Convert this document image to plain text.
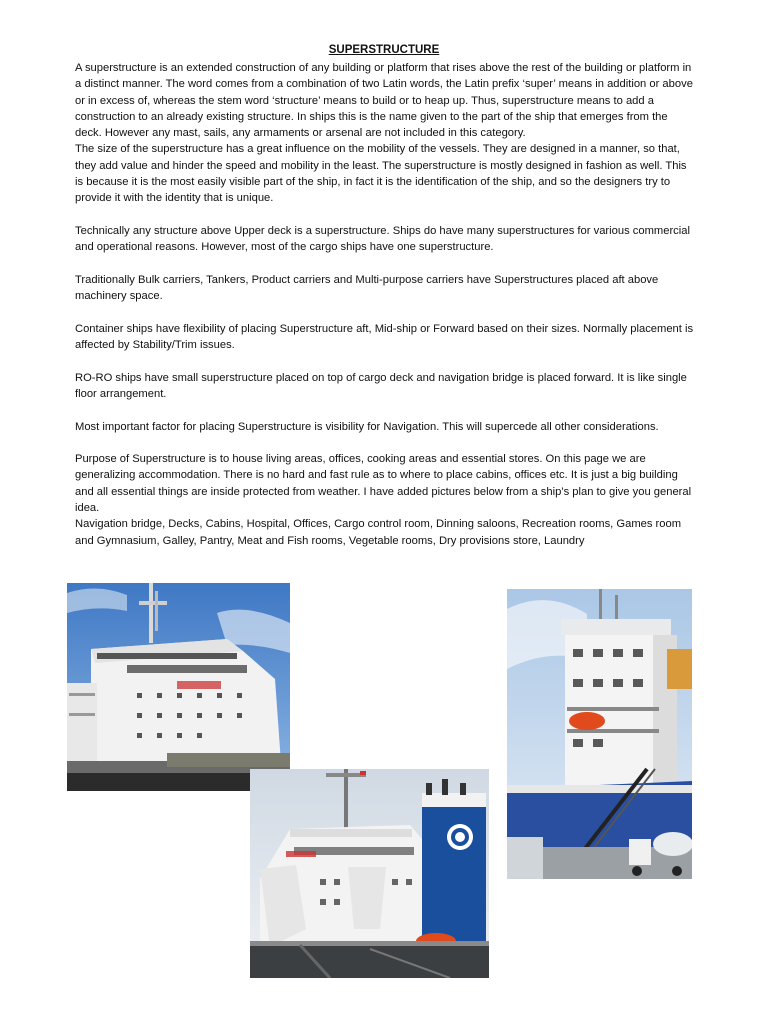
SUPERSTRUCTURE

A superstructure is an extended construction of any building or platform that rises above the rest of the building or platform in a distinct manner. The word comes from a combination of two Latin words, the Latin prefix ‘super’ means in addition or above or in excess of, whereas the stem word ‘structure’ means to build or to heap up. Thus, superstructure means to add a construction to an already existing structure. In ships this is the name given to the part of the ship that emerges from the deck. However any mast, sails, any armaments or arsenal are not included in this category.

The size of the superstructure has a great influence on the mobility of the vessels. They are designed in a manner, so that, they add value and hinder the speed and mobility in the least. The superstructure is mostly designed in fashion as well. This is because it is the most easily visible part of the ship, in fact it is the identification of the ship, and so the designers try to provide it with the identity that is unique.

Technically any structure above Upper deck is a superstructure. Ships do have many superstructures for various commercial and operational reasons. However, most of the cargo ships have one superstructure.

Traditionally Bulk carriers, Tankers, Product carriers and Multi-purpose carriers have Superstructures placed aft above machinery space.

Container ships have flexibility of placing Superstructure aft, Mid-ship or Forward based on their sizes. Normally placement is affected by Stability/Trim issues.

RO-RO ships have small superstructure placed on top of cargo deck and navigation bridge is placed forward. It is like single floor arrangement.

Most important factor for placing Superstructure is visibility for Navigation. This will supercede all other considerations.

Purpose of Superstructure is to house living areas, offices, cooking areas and essential stores. On this page we are generalizing accommodation. There is no hard and fast rule as to where to place cabins, offices etc. It is just a big building and all essential things are inside protected from weather. I have added pictures below from a ship’s plan to give you general idea.

Navigation bridge, Decks, Cabins, Hospital, Offices, Cargo control room, Dinning saloons, Recreation rooms, Games room and Gymnasium, Galley, Pantry, Meat and Fish rooms, Vegetable rooms, Dry provisions store, Laundry
